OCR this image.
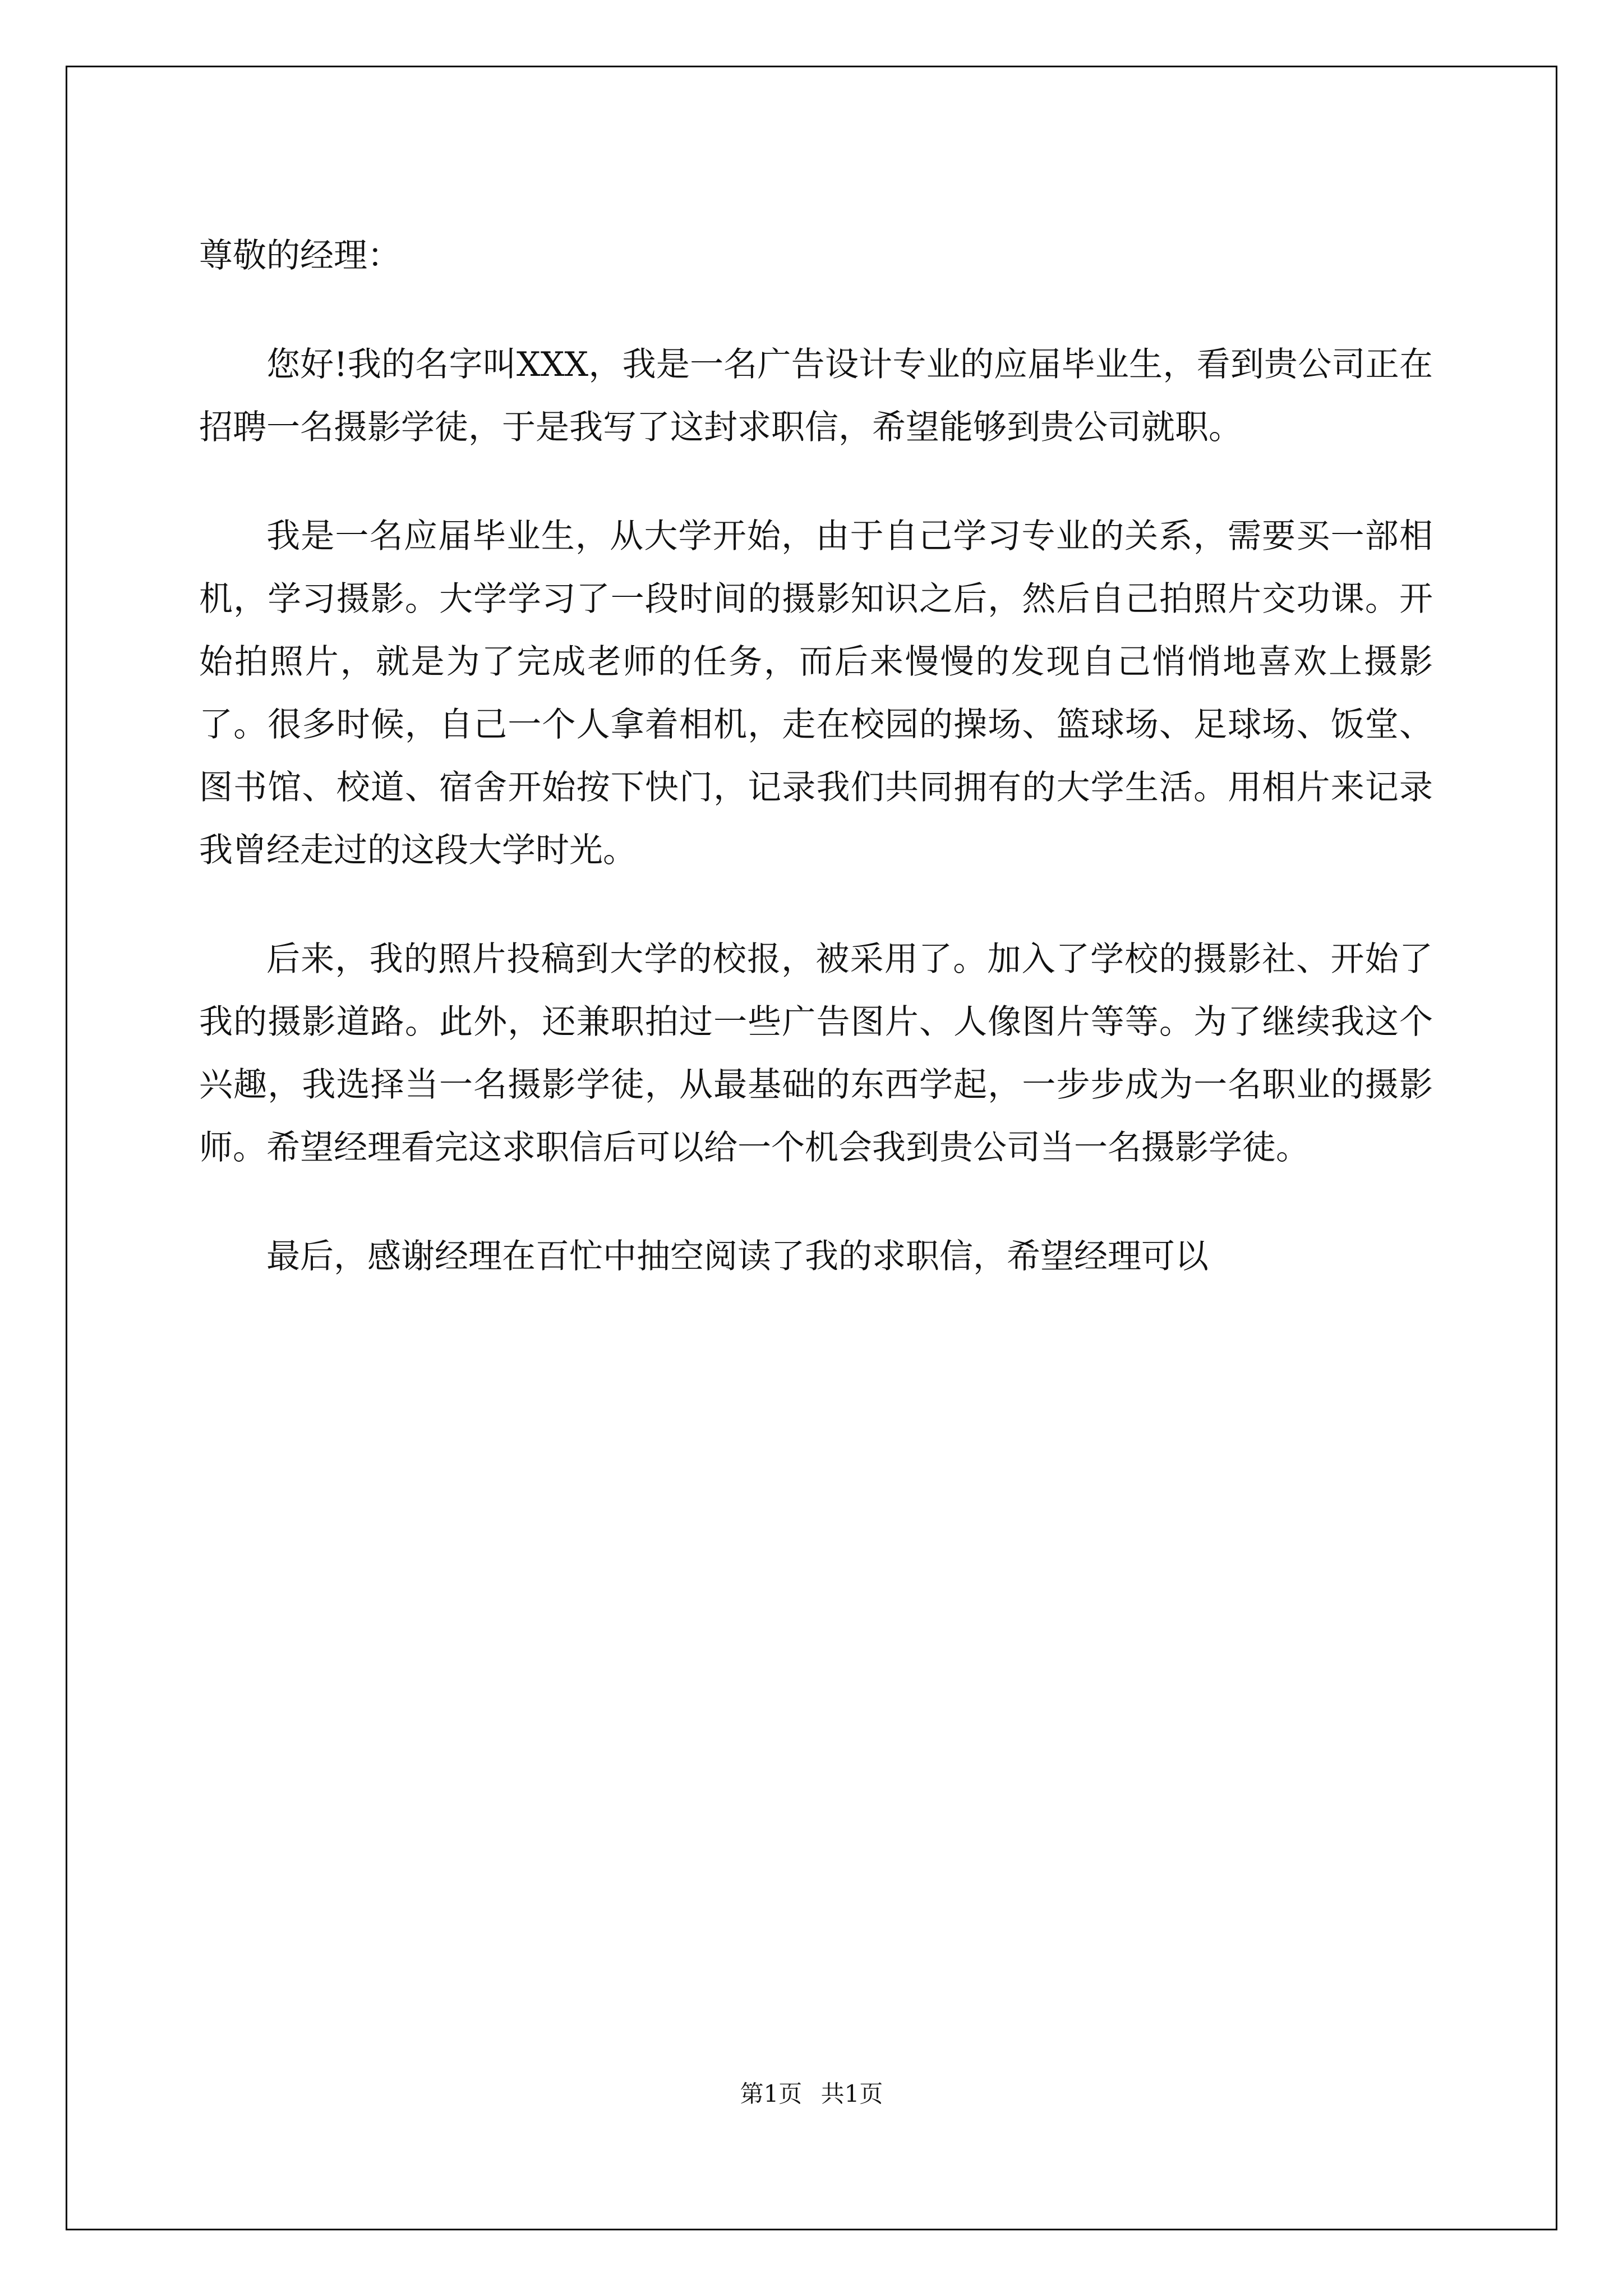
尊敬的经理：

您好!我的名字叫XXX，我是一名广告设计专业的应届毕业生，看到贵公司正在招聘一名摄影学徒，于是我写了这封求职信，希望能够到贵公司就职。

我是一名应届毕业生，从大学开始，由于自己学习专业的关系，需要买一部相机，学习摄影。大学学习了一段时间的摄影知识之后，然后自己拍照片交功课。开始拍照片，就是为了完成老师的任务，而后来慢慢的发现自己悄悄地喜欢上摄影了。很多时候，自己一个人拿着相机，走在校园的操场、篮球场、足球场、饭堂、图书馆、校道、宿舍开始按下快门，记录我们共同拥有的大学生活。用相片来记录我曾经走过的这段大学时光。

后来，我的照片投稿到大学的校报，被采用了。加入了学校的摄影社、开始了我的摄影道路。此外，还兼职拍过一些广告图片、人像图片等等。为了继续我这个兴趣，我选择当一名摄影学徒，从最基础的东西学起，一步步成为一名职业的摄影师。希望经理看完这求职信后可以给一个机会我到贵公司当一名摄影学徒。

最后，感谢经理在百忙中抽空阅读了我的求职信，希望经理可以

第1页 共1页
